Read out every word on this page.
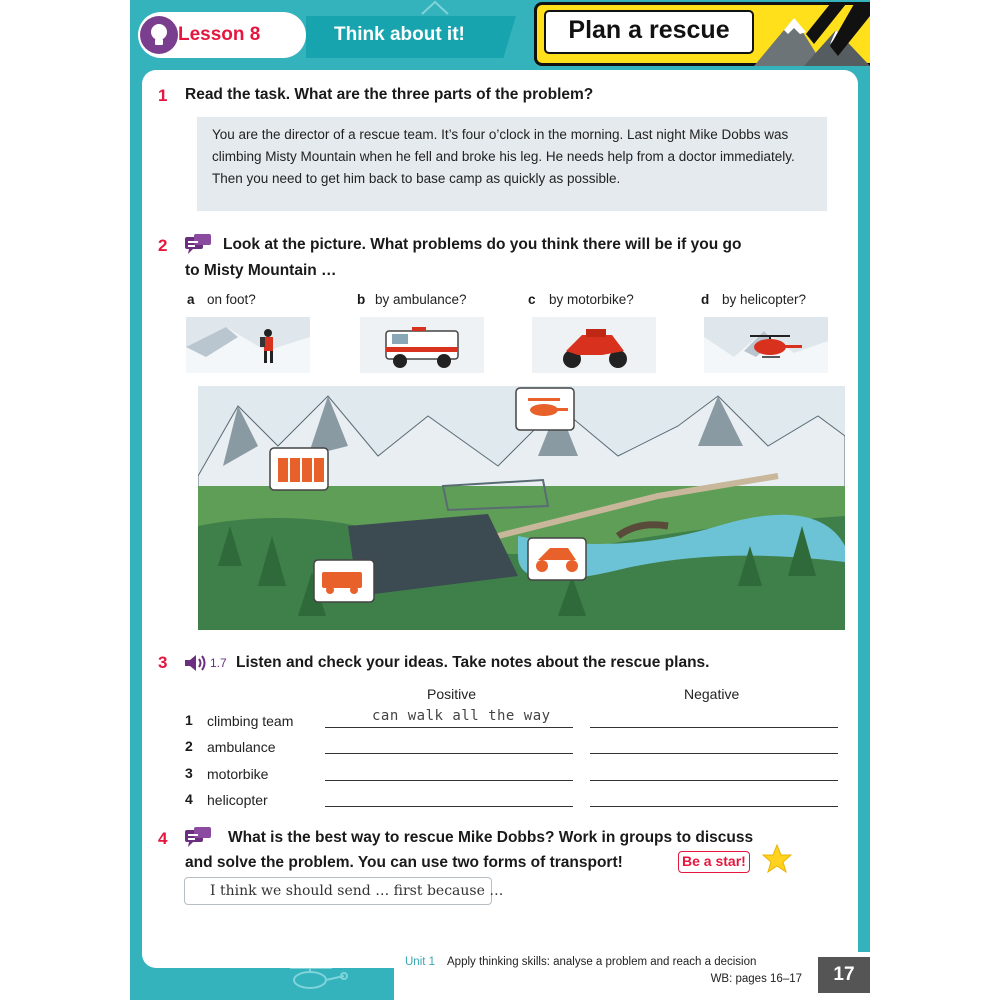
Lesson 8	Think about it!	Plan a rescue
1 Read the task. What are the three parts of the problem?
You are the director of a rescue team. It’s four o’clock in the morning. Last night Mike Dobbs was climbing Misty Mountain when he fell and broke his leg. He needs help from a doctor immediately. Then you need to get him back to base camp as quickly as possible.
2	Look at the picture. What problems do you think there will be if you go
to Misty Mountain …
a on foot?	b by ambulance?	c by motorbike?	d by helicopter?
3	1.7 Listen and check your ideas. Take notes about the rescue plans.
Positive	Negative
1 climbing team	can walk all the way
2 ambulance
3 motorbike
4 helicopter
4	What is the best way to rescue Mike Dobbs? Work in groups to discuss
and solve the problem. You can use two forms of transport!	Be a star!
I think we should send … first because …
Unit 1 Apply thinking skills: analyse a problem and reach a decision
WB: pages 16–17	17
